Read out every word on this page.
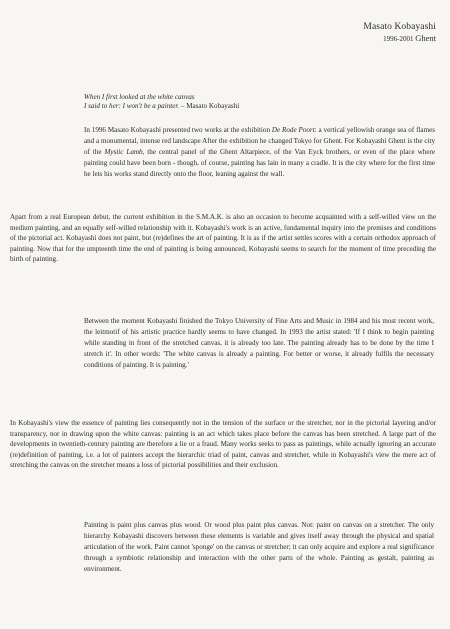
Masato Kobayashi
1996-2001 Ghent
When I first looked at the white canvas
I said to her: I won't be a painter. – Masato Kobayashi

In 1996 Masato Kobayashi presented two works at the exhibition De Rode Poort: a vertical yellowish orange sea of flames and a monumental, intense red landscape After the exhibition he changed Tokyo for Ghent. For Kobayashi Ghent is the city of the Mystic Lamb, the central panel of the Ghent Altarpiece, of the Van Eyck brothers, or even of the place where painting could have been born - though, of course, painting has lain in many a cradle. It is the city where for the first time he lets his works stand directly onto the floor, leaning against the wall.

Apart from a real European debut, the current exhibition in the S.M.A.K. is also an occasion to become acquainted with a self-willed view on the medium painting, and an equally self-willed relationship with it. Kobayashi's work is an active, fundamental inquiry into the premises and conditions of the pictorial act. Kobayashi does not paint, but (re)defines the art of painting. It is as if the artist settles scores with a certain orthodox approach of painting. Now that for the umpteenth time the end of painting is being announced, Kobayashi seems to search for the moment of time preceding the birth of painting.

Between the moment Kobayashi finished the Tokyo University of Fine Arts and Music in 1984 and his most recent work, the leitmotif of his artistic practice hardly seems to have changed. In 1993 the artist stated: 'If I think to begin painting while standing in front of the stretched canvas, it is already too late. The painting already has to be done by the time I stretch it'. In other words: 'The white canvas is already a painting. For better or worse, it already fulfils the necessary conditions of painting. It is painting.'

In Kobayashi's view the essence of painting lies consequently not in the tension of the surface or the stretcher, nor in the pictorial layering and/or transparency, nor in drawing upon the white canvas: painting is an act which takes place before the canvas has been stretched. A large part of the developments in twentieth-century painting are therefore a lie or a fraud. Many works seeks to pass as paintings, while actually ignoring an accurate (re)definition of painting, i.e. a lot of painters accept the hierarchic triad of paint, canvas and stretcher, while in Kobayashi's view the mere act of stretching the canvas on the stretcher means a loss of pictorial possibilities and their exclusion.

Painting is paint plus canvas plus wood. Or wood plus paint plus canvas. Not: paint on canvas on a stretcher. The only hierarchy Kobayashi discovers between these elements is variable and gives itself away through the physical and spatial articulation of the work. Paint cannot 'sponge' on the canvas or stretcher; it can only acquire and explore a real significance through a symbiotic relationship and interaction with the other parts of the whole. Painting as gestalt, painting as environment.
